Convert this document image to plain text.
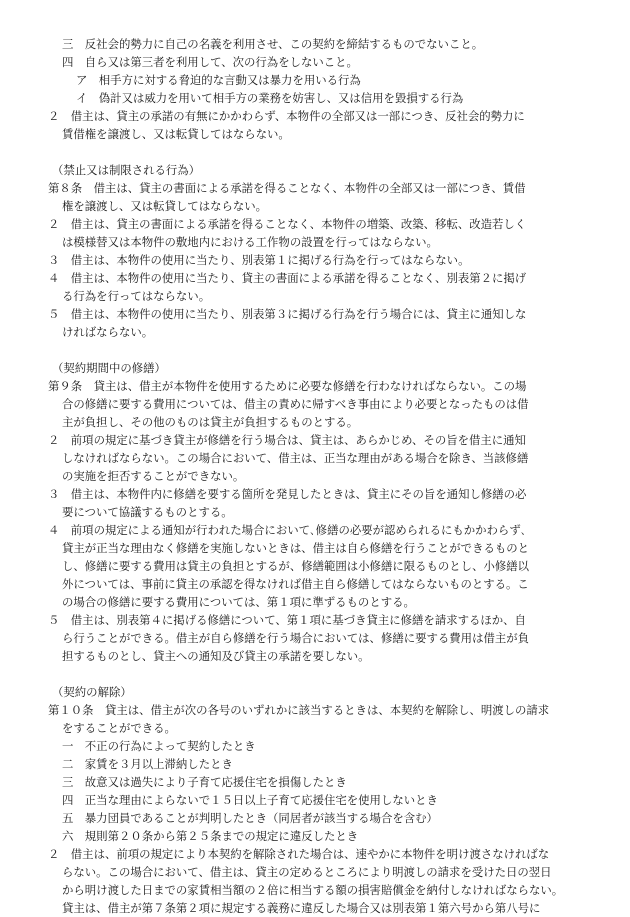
三　反社会的勢力に自己の名義を利用させ、この契約を締結するものでないこと。
四　自ら又は第三者を利用して、次の行為をしないこと。
ア　相手方に対する脅迫的な言動又は暴力を用いる行為
イ　偽計又は威力を用いて相手方の業務を妨害し、又は信用を毀損する行為
２　借主は、貸主の承諾の有無にかかわらず、本物件の全部又は一部につき、反社会的勢力に
賃借権を譲渡し、又は転貸してはならない。
（禁止又は制限される行為）
第８条　借主は、貸主の書面による承諾を得ることなく、本物件の全部又は一部につき、賃借
権を譲渡し、又は転貸してはならない。
２　借主は、貸主の書面による承諾を得ることなく、本物件の増築、改築、移転、改造若しく
は模様替又は本物件の敷地内における工作物の設置を行ってはならない。
３　借主は、本物件の使用に当たり、別表第１に掲げる行為を行ってはならない。
４　借主は、本物件の使用に当たり、貸主の書面による承諾を得ることなく、別表第２に掲げ
る行為を行ってはならない。
５　借主は、本物件の使用に当たり、別表第３に掲げる行為を行う場合には、貸主に通知しな
ければならない。
（契約期間中の修繕）
第９条　貸主は、借主が本物件を使用するために必要な修繕を行わなければならない。この場
合の修繕に要する費用については、借主の責めに帰すべき事由により必要となったものは借
主が負担し、その他のものは貸主が負担するものとする。
２　前項の規定に基づき貸主が修繕を行う場合は、貸主は、あらかじめ、その旨を借主に通知
しなければならない。この場合において、借主は、正当な理由がある場合を除き、当該修繕
の実施を拒否することができない。
３　借主は、本物件内に修繕を要する箇所を発見したときは、貸主にその旨を通知し修繕の必
要について協議するものとする。
４　前項の規定による通知が行われた場合において､修繕の必要が認められるにもかかわらず､
貸主が正当な理由なく修繕を実施しないときは、借主は自ら修繕を行うことができるものと
し、修繕に要する費用は貸主の負担とするが、修繕範囲は小修繕に限るものとし、小修繕以
外については、事前に貸主の承認を得なければ借主自ら修繕してはならないものとする。こ
の場合の修繕に要する費用については、第１項に準ずるものとする。
５　借主は、別表第４に掲げる修繕について、第１項に基づき貸主に修繕を請求するほか、自
ら行うことができる。借主が自ら修繕を行う場合においては、修繕に要する費用は借主が負
担するものとし、貸主への通知及び貸主の承諾を要しない。
（契約の解除）
第１０条　貸主は、借主が次の各号のいずれかに該当するときは、本契約を解除し、明渡しの請求
をすることができる。
一　不正の行為によって契約したとき
二　家賃を３月以上滞納したとき
三　故意又は過失により子育て応援住宅を損傷したとき
四　正当な理由によらないで１５日以上子育て応援住宅を使用しないとき
五　暴力団員であることが判明したとき（同居者が該当する場合を含む）
六　規則第２０条から第２５条までの規定に違反したとき
２　借主は、前項の規定により本契約を解除された場合は、速やかに本物件を明け渡さなければな
らない。この場合において、借主は、貸主の定めるところにより明渡しの請求を受けた日の翌日
から明け渡した日までの家賃相当額の２倍に相当する額の損害賠償金を納付しなければならない。
貸主は、借主が第７条第２項に規定する義務に違反した場合又は別表第１第六号から第八号に
